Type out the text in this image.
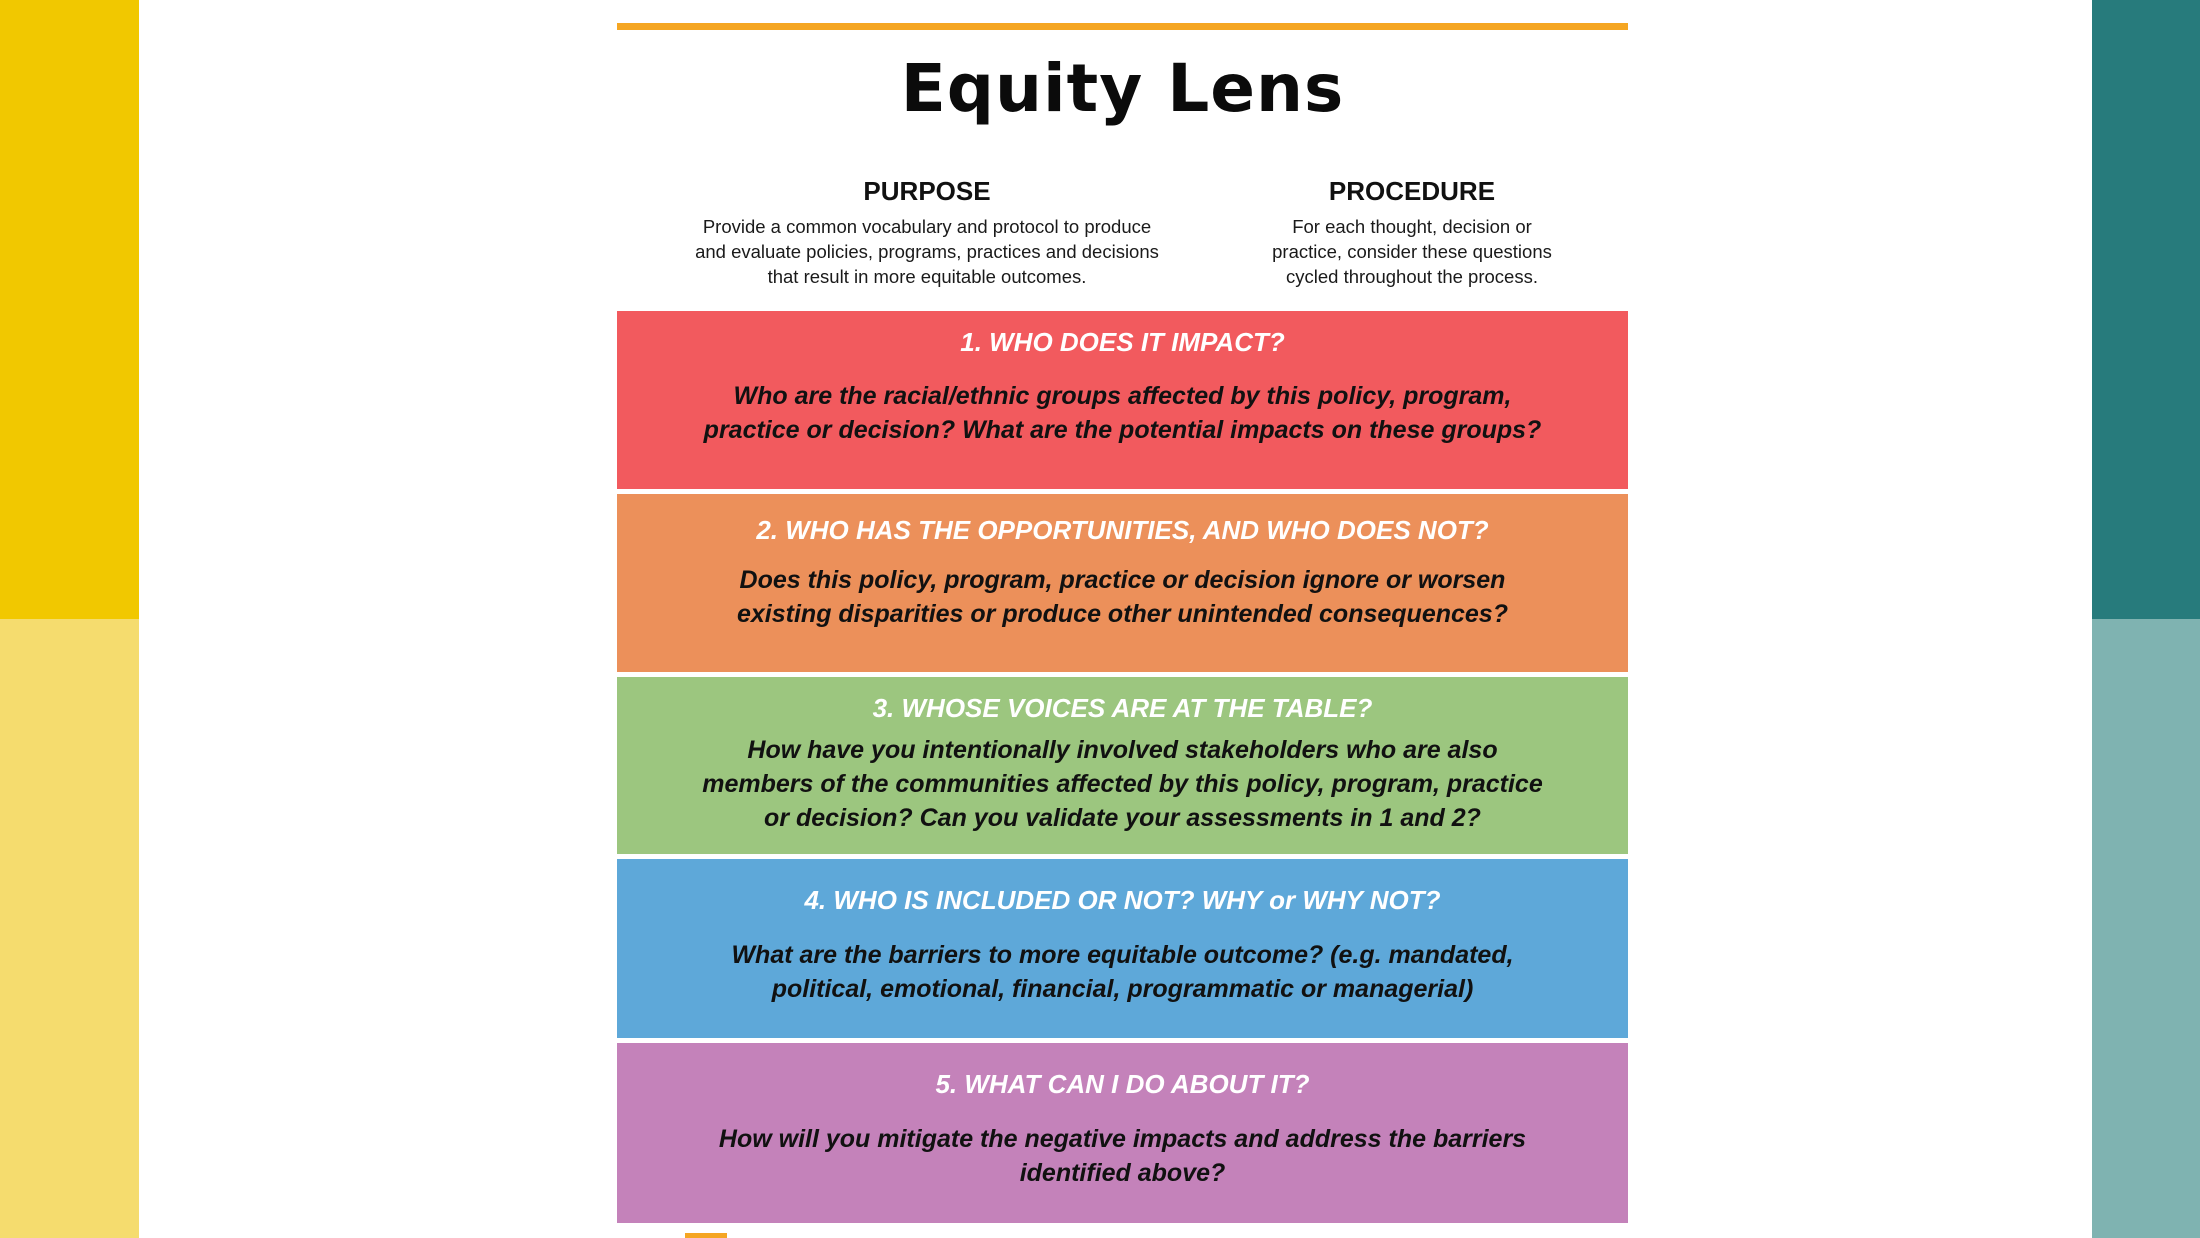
Equity Lens
PURPOSE

Provide a common vocabulary and protocol to produce
and evaluate policies, programs, practices and decisions
that result in more equitable outcomes.

PROCEDURE

For each thought, decision or
practice, consider these questions
cycled throughout the process.

1. WHO DOES IT IMPACT?
Who are the racial/ethnic groups affected by this policy, program,
practice or decision? What are the potential impacts on these groups?
2. WHO HAS THE OPPORTUNITIES, AND WHO DOES NOT?
Does this policy, program, practice or decision ignore or worsen
existing disparities or produce other unintended consequences?
3. WHOSE VOICES ARE AT THE TABLE?
How have you intentionally involved stakeholders who are also
members of the communities affected by this policy, program, practice
or decision? Can you validate your assessments in 1 and 2?
4. WHO IS INCLUDED OR NOT? WHY or WHY NOT?
What are the barriers to more equitable outcome? (e.g. mandated,
political, emotional, financial, programmatic or managerial)
5. WHAT CAN I DO ABOUT IT?
How will you mitigate the negative impacts and address the barriers
identified above?
